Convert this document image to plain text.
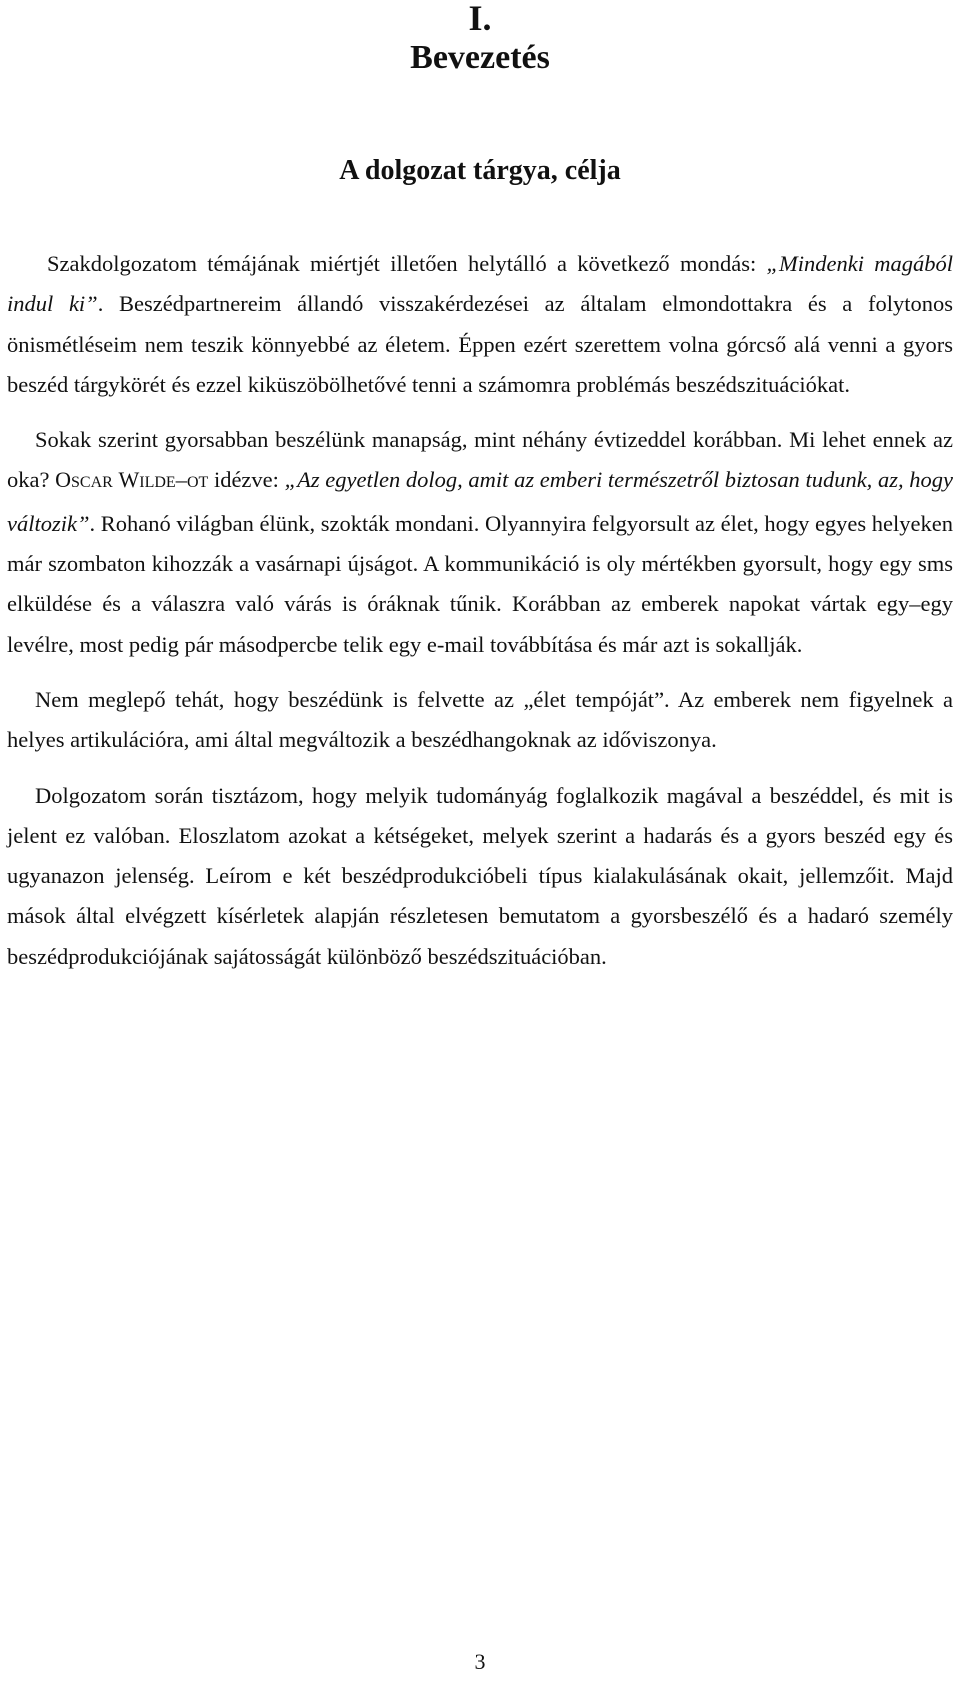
I.
Bevezetés
A dolgozat tárgya, célja

Szakdolgozatom témájának miértjét illetően helytálló a következő mondás: „Mindenki magából indul ki”. Beszédpartnereim állandó visszakérdezései az általam elmondottakra és a folytonos önismétléseim nem teszik könnyebbé az életem. Éppen ezért szerettem volna górcső alá venni a gyors beszéd tárgykörét és ezzel kiküszöbölhetővé tenni a számomra problémás beszédszituációkat.

Sokak szerint gyorsabban beszélünk manapság, mint néhány évtizeddel korábban. Mi lehet ennek az oka? OSCAR WILDE–OT idézve: „Az egyetlen dolog, amit az emberi természetről biztosan tudunk, az, hogy változik”. Rohanó világban élünk, szokták mondani. Olyannyira felgyorsult az élet, hogy egyes helyeken már szombaton kihozzák a vasárnapi újságot. A kommunikáció is oly mértékben gyorsult, hogy egy sms elküldése és a válaszra való várás is óráknak tűnik. Korábban az emberek napokat vártak egy–egy levélre, most pedig pár másodpercbe telik egy e-mail továbbítása és már azt is sokallják.

Nem meglepő tehát, hogy beszédünk is felvette az „élet tempóját”. Az emberek nem figyelnek a helyes artikulációra, ami által megváltozik a beszédhangoknak az időviszonya.

Dolgozatom során tisztázom, hogy melyik tudományág foglalkozik magával a beszéddel, és mit is jelent ez valóban. Eloszlatom azokat a kétségeket, melyek szerint a hadarás és a gyors beszéd egy és ugyanazon jelenség. Leírom e két beszédprodukcióbeli típus kialakulásának okait, jellemzőit. Majd mások által elvégzett kísérletek alapján részletesen bemutatom a gyorsbeszélő és a hadaró személy beszédprodukciójának sajátosságát különböző beszédszituációban.

3
